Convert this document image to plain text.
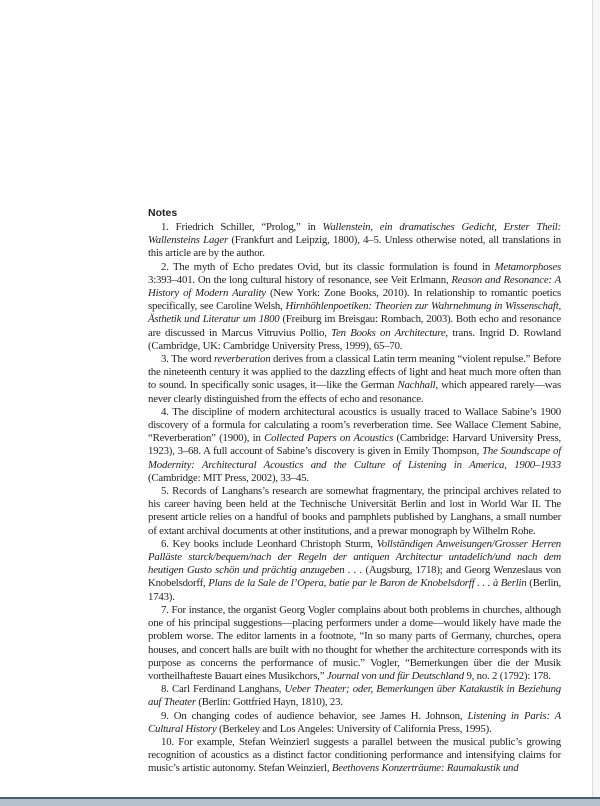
Notes

1. Friedrich Schiller, “Prolog,” in Wallenstein, ein dramatisches Gedicht, Erster Theil: Wallensteins Lager (Frankfurt and Leipzig, 1800), 4–5. Unless otherwise noted, all translations in this article are by the author.

2. The myth of Echo predates Ovid, but its classic formulation is found in Metamorphoses 3:393–401. On the long cultural history of resonance, see Veit Erlmann, Reason and Resonance: A History of Modern Aurality (New York: Zone Books, 2010). In relationship to romantic poetics specifically, see Caroline Welsh, Hirnhöhlenpoetiken: Theorien zur Wahrnehmung in Wissenschaft, Ästhetik und Literatur um 1800 (Freiburg im Breisgau: Rombach, 2003). Both echo and resonance are discussed in Marcus Vitruvius Pollio, Ten Books on Architecture, trans. Ingrid D. Rowland (Cambridge, UK: Cambridge University Press, 1999), 65–70.

3. The word reverberation derives from a classical Latin term meaning “violent repulse.” Before the nineteenth century it was applied to the dazzling effects of light and heat much more often than to sound. In specifically sonic usages, it—like the German Nachhall, which appeared rarely—was never clearly distinguished from the effects of echo and resonance.

4. The discipline of modern architectural acoustics is usually traced to Wallace Sabine’s 1900 discovery of a formula for calculating a room’s reverberation time. See Wallace Clement Sabine, “Reverberation” (1900), in Collected Papers on Acoustics (Cambridge: Harvard University Press, 1923), 3–68. A full account of Sabine’s discovery is given in Emily Thompson, The Soundscape of Modernity: Architectural Acoustics and the Culture of Listening in America, 1900–1933 (Cambridge: MIT Press, 2002), 33–45.

5. Records of Langhans’s research are somewhat fragmentary, the principal archives related to his career having been held at the Technische Universität Berlin and lost in World War II. The present article relies on a handful of books and pamphlets published by Langhans, a small number of extant archival documents at other institutions, and a prewar monograph by Wilhelm Rohe.

6. Key books include Leonhard Christoph Sturm, Vollständigen Anweisungen/Grosser Herren Palläste starck/bequem/nach der Regeln der antiquen Architectur untadelich/und nach dem heutigen Gusto schön und prächtig anzugeben . . . (Augsburg, 1718); and Georg Wenzeslaus von Knobelsdorff, Plans de la Sale de l’Opera, batie par le Baron de Knobelsdorff . . . à Berlin (Berlin, 1743).

7. For instance, the organist Georg Vogler complains about both problems in churches, although one of his principal suggestions—placing performers under a dome—would likely have made the problem worse. The editor laments in a footnote, “In so many parts of Germany, churches, opera houses, and concert halls are built with no thought for whether the architecture corresponds with its purpose as concerns the performance of music.” Vogler, “Bemerkungen über die der Musik vortheilhafteste Bauart eines Musikchors,” Journal von und für Deutschland 9, no. 2 (1792): 178.

8. Carl Ferdinand Langhans, Ueber Theater; oder, Bemerkungen über Katakustik in Beziehung auf Theater (Berlin: Gottfried Hayn, 1810), 23.

9. On changing codes of audience behavior, see James H. Johnson, Listening in Paris: A Cultural History (Berkeley and Los Angeles: University of California Press, 1995).

10. For example, Stefan Weinzierl suggests a parallel between the musical public’s growing recognition of acoustics as a distinct factor conditioning performance and intensifying claims for music’s artistic autonomy. Stefan Weinzierl, Beethovens Konzerträume: Raumakustik und
